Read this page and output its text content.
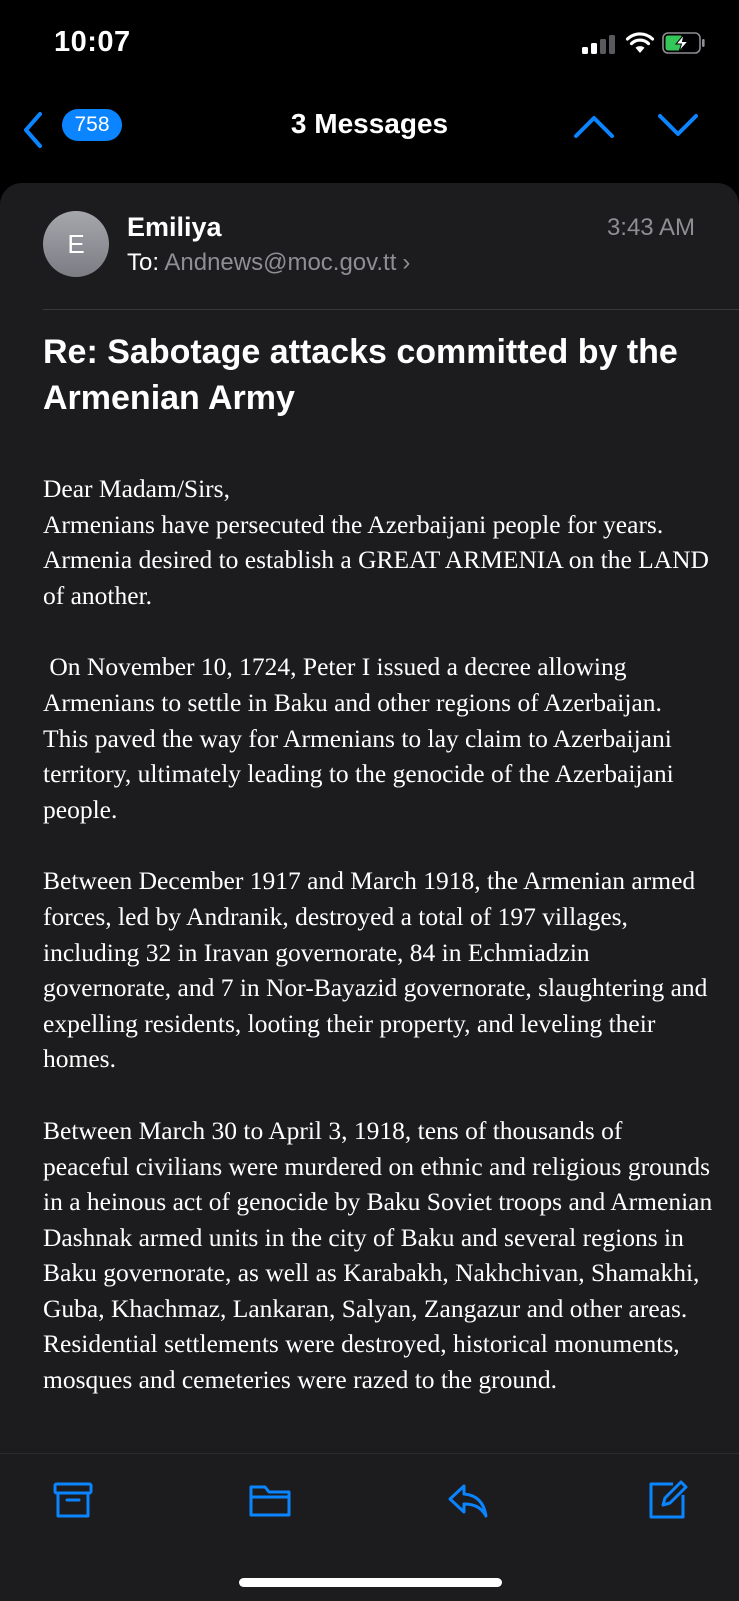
10:07
758	3 Messages
E
Emiliya
To: Andnews@moc.gov.tt ›
3:43 AM
Re: Sabotage attacks committed by the Armenian Army

Dear Madam/Sirs,

Armenians have persecuted the Azerbaijani people for years. Armenia desired to establish a GREAT ARMENIA on the LAND of another.

On November 10, 1724, Peter I issued a decree allowing Armenians to settle in Baku and other regions of Azerbaijan. This paved the way for Armenians to lay claim to Azerbaijani territory, ultimately leading to the genocide of the Azerbaijani people.

Between December 1917 and March 1918, the Armenian armed forces, led by Andranik, destroyed a total of 197 villages, including 32 in Iravan governorate, 84 in Echmiadzin governorate, and 7 in Nor-Bayazid governorate, slaughtering and expelling residents, looting their property, and leveling their homes.

Between March 30 to April 3, 1918, tens of thousands of peaceful civilians were murdered on ethnic and religious grounds in a heinous act of genocide by Baku Soviet troops and Armenian Dashnak armed units in the city of Baku and several regions in Baku governorate, as well as Karabakh, Nakhchivan, Shamakhi, Guba, Khachmaz, Lankaran, Salyan, Zangazur and other areas. Residential settlements were destroyed, historical monuments, mosques and cemeteries were razed to the ground.
